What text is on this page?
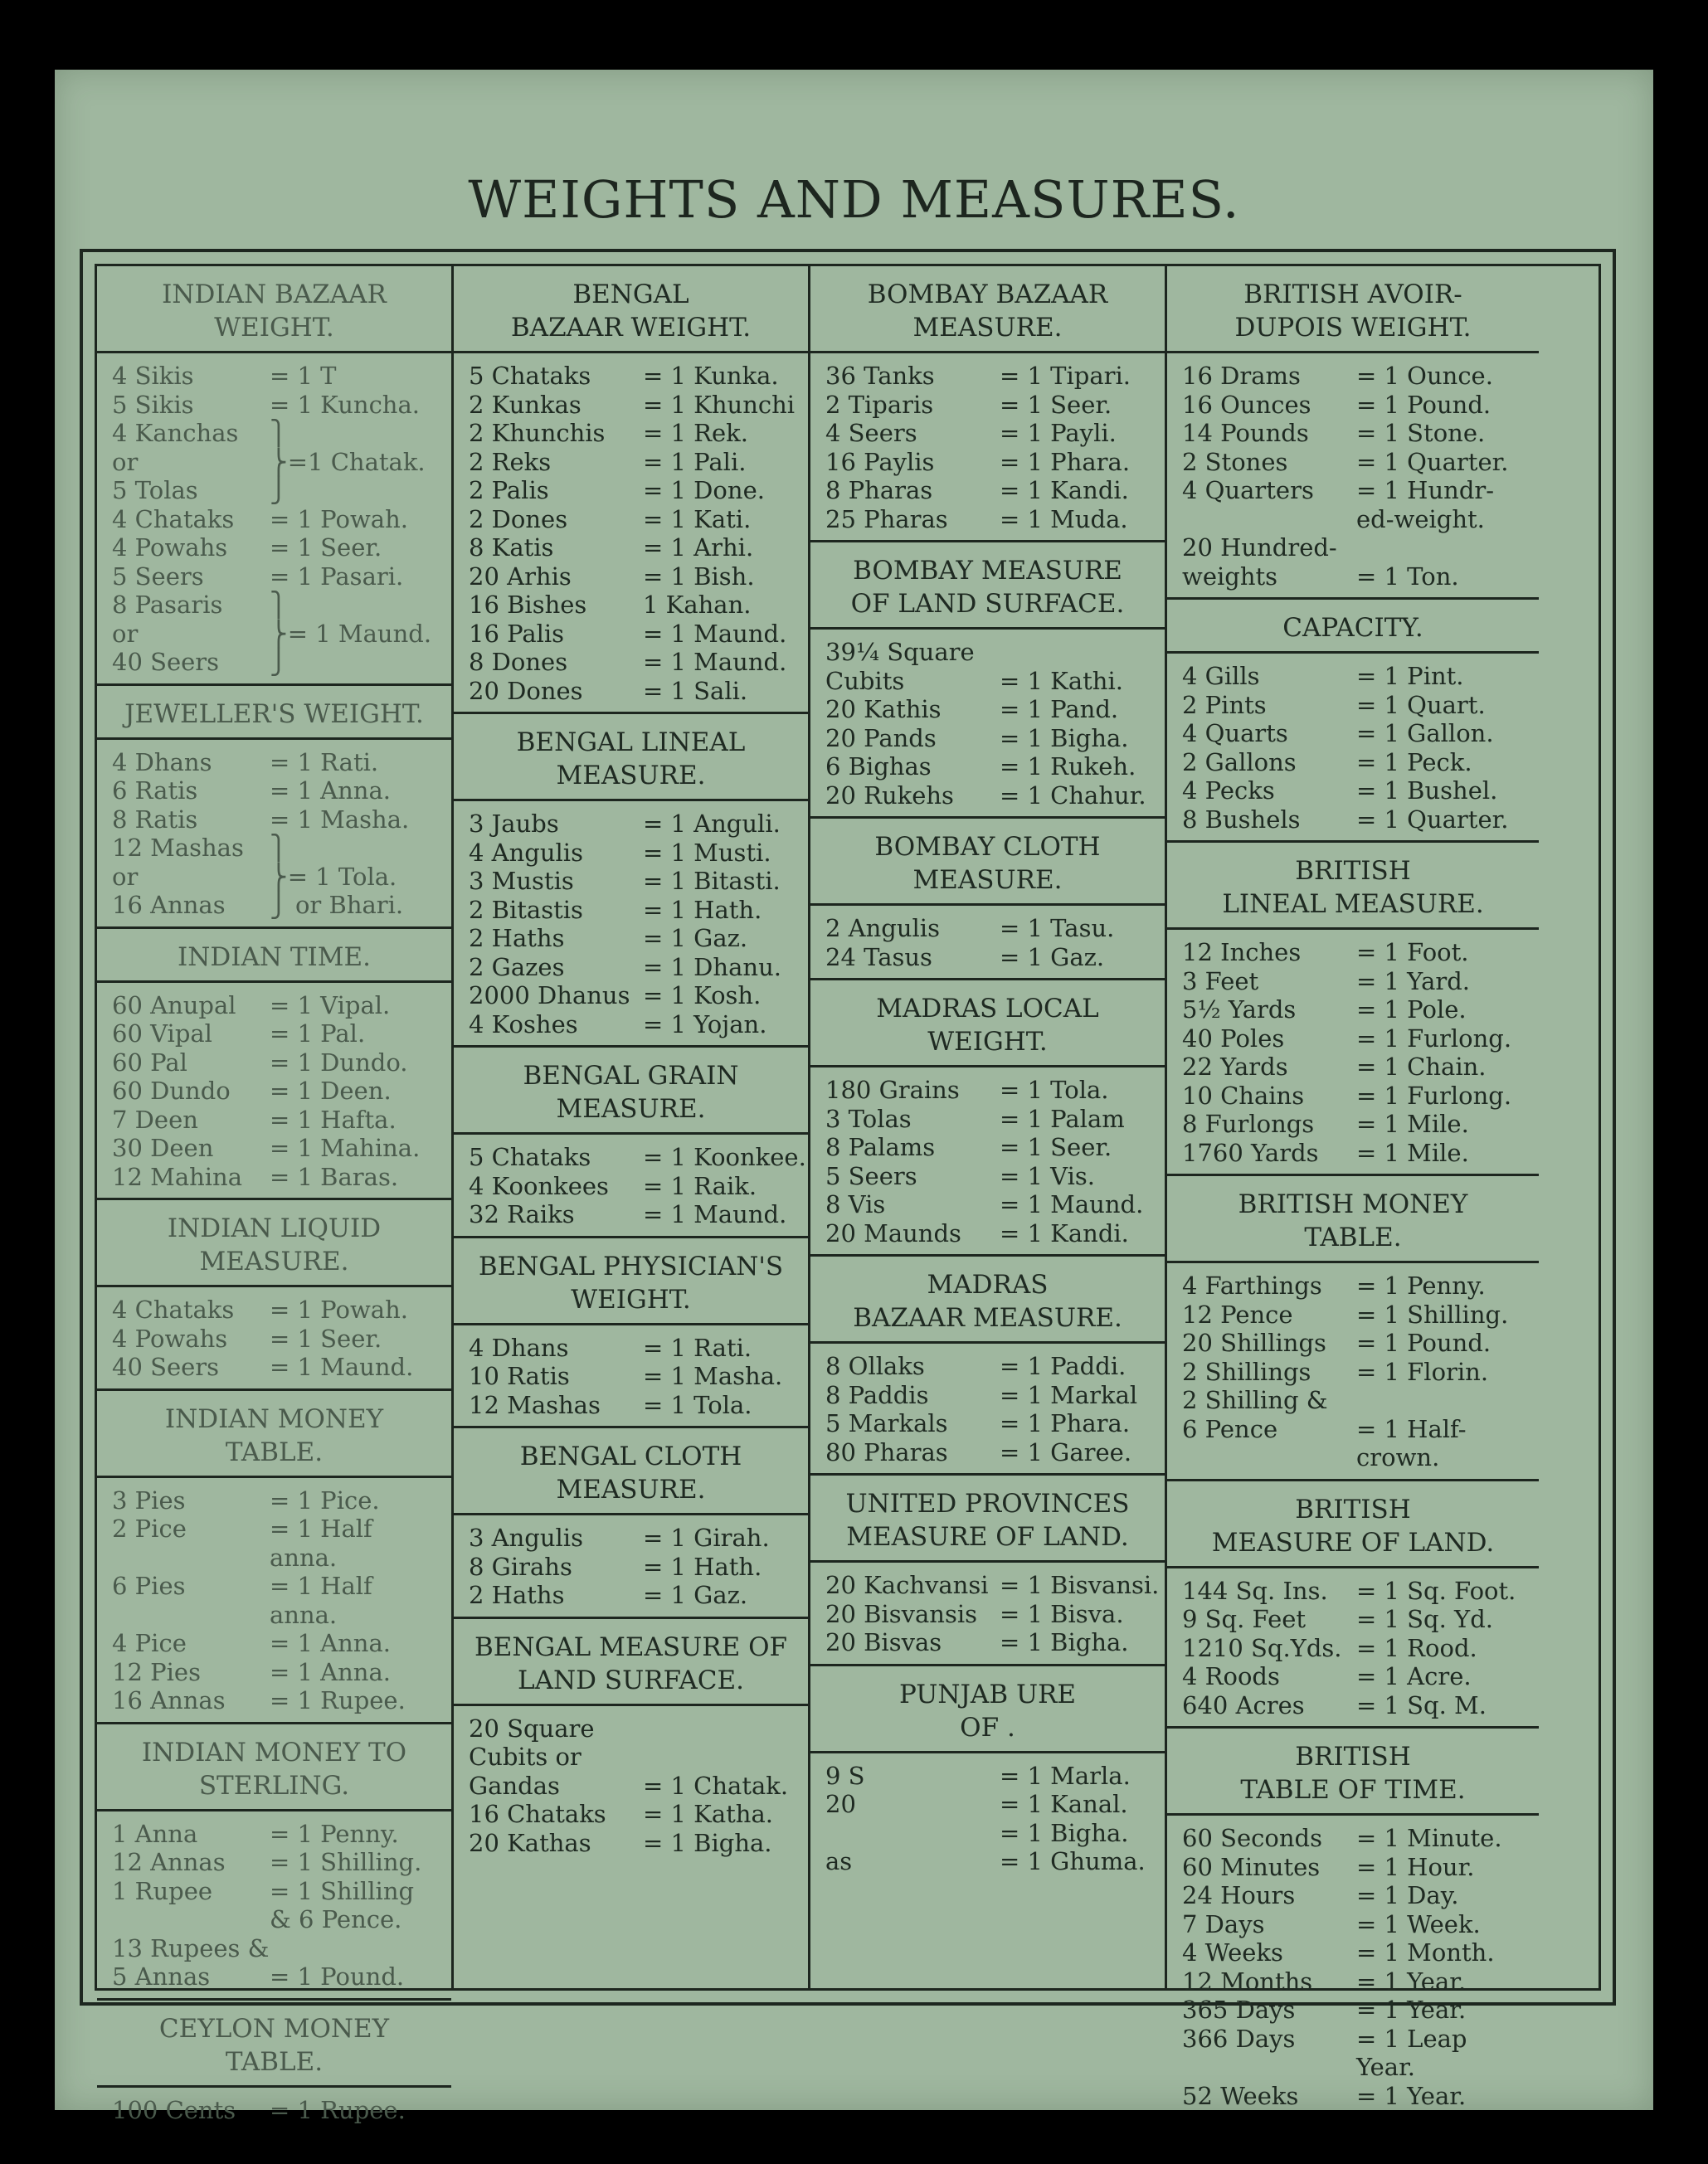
WEIGHTS AND MEASURES.
INDIAN BAZAAR
WEIGHT.
4 Sikis	= 1 T
5 Sikis	= 1 Kuncha.
4 Kanchas	⎫
or	⎬=1 Chatak.
5 Tolas	⎭
4 Chataks	= 1 Powah.
4 Powahs	= 1 Seer.
5 Seers	= 1 Pasari.
8 Pasaris	⎫
or	⎬= 1 Maund.
40 Seers	⎭
JEWELLER'S WEIGHT.
4 Dhans	= 1 Rati.
6 Ratis	= 1 Anna.
8 Ratis	= 1 Masha.
12 Mashas	⎫
or	⎬= 1 Tola.
16 Annas	⎭ or Bhari.
INDIAN TIME.
60 Anupal	= 1 Vipal.
60 Vipal	= 1 Pal.
60 Pal	= 1 Dundo.
60 Dundo	= 1 Deen.
7 Deen	= 1 Hafta.
30 Deen	= 1 Mahina.
12 Mahina	= 1 Baras.
INDIAN LIQUID
MEASURE.
4 Chataks	= 1 Powah.
4 Powahs	= 1 Seer.
40 Seers	= 1 Maund.
INDIAN MONEY
TABLE.
3 Pies	= 1 Pice.
2 Pice	= 1 Half
anna.
6 Pies	= 1 Half
anna.
4 Pice	= 1 Anna.
12 Pies	= 1 Anna.
16 Annas	= 1 Rupee.
INDIAN MONEY TO
STERLING.
1 Anna	= 1 Penny.
12 Annas	= 1 Shilling.
1 Rupee	= 1 Shilling
& 6 Pence.
13 Rupees &
5 Annas	= 1 Pound.
CEYLON MONEY
TABLE.
100 Cents	= 1 Rupee.
BENGAL
BAZAAR WEIGHT.
5 Chataks	= 1 Kunka.
2 Kunkas	= 1 Khunchi
2 Khunchis	= 1 Rek.
2 Reks	= 1 Pali.
2 Palis	= 1 Done.
2 Dones	= 1 Kati.
8 Katis	= 1 Arhi.
20 Arhis	= 1 Bish.
16 Bishes	1 Kahan.
16 Palis	= 1 Maund.
8 Dones	= 1 Maund.
20 Dones	= 1 Sali.
BENGAL LINEAL
MEASURE.
3 Jaubs	= 1 Anguli.
4 Angulis	= 1 Musti.
3 Mustis	= 1 Bitasti.
2 Bitastis	= 1 Hath.
2 Haths	= 1 Gaz.
2 Gazes	= 1 Dhanu.
2000 Dhanus = 1 Kosh.
4 Koshes	= 1 Yojan.
BENGAL GRAIN
MEASURE.
5 Chataks	= 1 Koonkee.
4 Koonkees	= 1 Raik.
32 Raiks	= 1 Maund.
BENGAL PHYSICIAN'S
WEIGHT.
4 Dhans	= 1 Rati.
10 Ratis	= 1 Masha.
12 Mashas	= 1 Tola.
BENGAL CLOTH
MEASURE.
3 Angulis	= 1 Girah.
8 Girahs	= 1 Hath.
2 Haths	= 1 Gaz.
BENGAL MEASURE OF
LAND SURFACE.
20 Square
Cubits or
Gandas	= 1 Chatak.
16 Chataks	= 1 Katha.
20 Kathas	= 1 Bigha.
BOMBAY BAZAAR
MEASURE.
36 Tanks	= 1 Tipari.
2 Tiparis	= 1 Seer.
4 Seers	= 1 Payli.
16 Paylis	= 1 Phara.
8 Pharas	= 1 Kandi.
25 Pharas	= 1 Muda.
BOMBAY MEASURE
OF LAND SURFACE.
39¼ Square
Cubits	= 1 Kathi.
20 Kathis	= 1 Pand.
20 Pands	= 1 Bigha.
6 Bighas	= 1 Rukeh.
20 Rukehs	= 1 Chahur.
BOMBAY CLOTH
MEASURE.
2 Angulis	= 1 Tasu.
24 Tasus	= 1 Gaz.
MADRAS LOCAL
WEIGHT.
180 Grains	= 1 Tola.
3 Tolas	= 1 Palam
8 Palams	= 1 Seer.
5 Seers	= 1 Vis.
8 Vis	= 1 Maund.
20 Maunds	= 1 Kandi.
MADRAS
BAZAAR MEASURE.
8 Ollaks	= 1 Paddi.
8 Paddis	= 1 Markal
5 Markals	= 1 Phara.
80 Pharas	= 1 Garee.
UNITED PROVINCES
MEASURE OF LAND.
20 Kachvansi = 1 Bisvansi.
20 Bisvansis = 1 Bisva.
20 Bisvas	= 1 Bigha.
PUNJAB URE
OF .
9 S	= 1 Marla.
20	= 1 Kanal.
= 1 Bigha.
as	= 1 Ghuma.
BRITISH AVOIR-
DUPOIS WEIGHT.
16 Drams	= 1 Ounce.
16 Ounces	= 1 Pound.
14 Pounds	= 1 Stone.
2 Stones	= 1 Quarter.
4 Quarters	= 1 Hundr-
ed-weight.
20 Hundred-
weights	= 1 Ton.
CAPACITY.
4 Gills	= 1 Pint.
2 Pints	= 1 Quart.
4 Quarts	= 1 Gallon.
2 Gallons	= 1 Peck.
4 Pecks	= 1 Bushel.
8 Bushels	= 1 Quarter.
BRITISH
LINEAL MEASURE.
12 Inches	= 1 Foot.
3 Feet	= 1 Yard.
5½ Yards	= 1 Pole.
40 Poles	= 1 Furlong.
22 Yards	= 1 Chain.
10 Chains	= 1 Furlong.
8 Furlongs	= 1 Mile.
1760 Yards	= 1 Mile.
BRITISH MONEY
TABLE.
4 Farthings	= 1 Penny.
12 Pence	= 1 Shilling.
20 Shillings	= 1 Pound.
2 Shillings	= 1 Florin.
2 Shilling &
6 Pence	= 1 Half-
crown.
BRITISH
MEASURE OF LAND.
144 Sq. Ins.	= 1 Sq. Foot.
9 Sq. Feet	= 1 Sq. Yd.
1210 Sq.Yds. = 1 Rood.
4 Roods	= 1 Acre.
640 Acres	= 1 Sq. M.
BRITISH
TABLE OF TIME.
60 Seconds	= 1 Minute.
60 Minutes	= 1 Hour.
24 Hours	= 1 Day.
7 Days	= 1 Week.
4 Weeks	= 1 Month.
12 Months	= 1 Year.
365 Days	= 1 Year.
366 Days	= 1 Leap
Year.
52 Weeks	= 1 Year.
